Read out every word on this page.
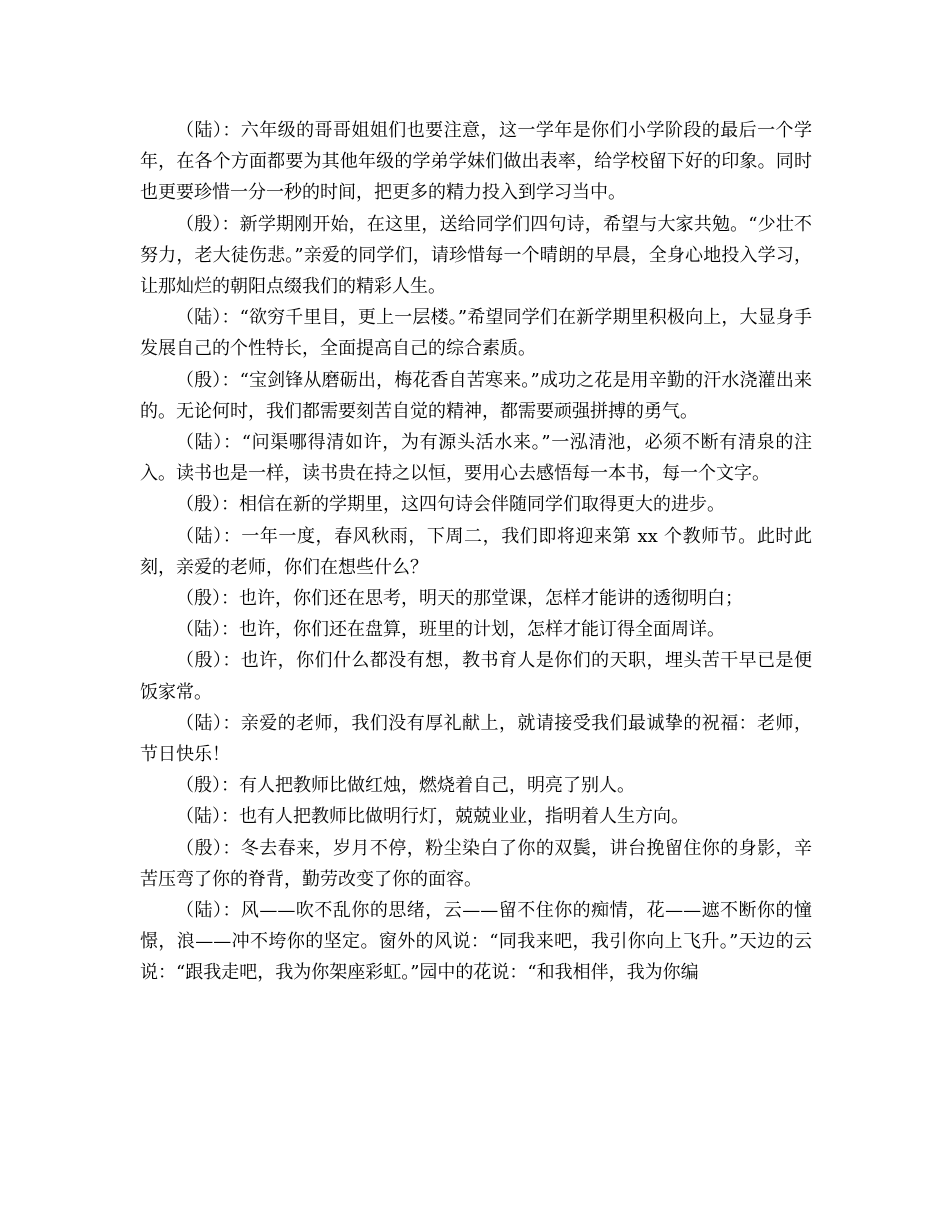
（陆）：六年级的哥哥姐姐们也要注意，这一学年是你们小学阶段的最后一个学年，在各个方面都要为其他年级的学弟学妹们做出表率，给学校留下好的印象。同时也更要珍惜一分一秒的时间，把更多的精力投入到学习当中。

（殷）：新学期刚开始，在这里，送给同学们四句诗，希望与大家共勉。“少壮不努力，老大徒伤悲。”亲爱的同学们，请珍惜每一个晴朗的早晨，全身心地投入学习，让那灿烂的朝阳点缀我们的精彩人生。

（陆）：“欲穷千里目，更上一层楼。”希望同学们在新学期里积极向上，大显身手发展自己的个性特长，全面提高自己的综合素质。

（殷）：“宝剑锋从磨砺出，梅花香自苦寒来。”成功之花是用辛勤的汗水浇灌出来的。无论何时，我们都需要刻苦自觉的精神，都需要顽强拼搏的勇气。

（陆）：“问渠哪得清如许，为有源头活水来。”一泓清池，必须不断有清泉的注入。读书也是一样，读书贵在持之以恒，要用心去感悟每一本书，每一个文字。

（殷）：相信在新的学期里，这四句诗会伴随同学们取得更大的进步。

（陆）：一年一度，春风秋雨，下周二，我们即将迎来第 xx 个教师节。此时此刻，亲爱的老师，你们在想些什么？

（殷）：也许，你们还在思考，明天的那堂课，怎样才能讲的透彻明白；

（陆）：也许，你们还在盘算，班里的计划，怎样才能订得全面周详。

（殷）：也许，你们什么都没有想，教书育人是你们的天职，埋头苦干早已是便饭家常。

（陆）：亲爱的老师，我们没有厚礼献上，就请接受我们最诚挚的祝福：老师，节日快乐！

（殷）：有人把教师比做红烛，燃烧着自己，明亮了别人。

（陆）：也有人把教师比做明行灯，兢兢业业，指明着人生方向。

（殷）：冬去春来，岁月不停，粉尘染白了你的双鬓，讲台挽留住你的身影，辛苦压弯了你的脊背，勤劳改变了你的面容。

（陆）：风——吹不乱你的思绪，云——留不住你的痴情，花——遮不断你的憧憬，浪——冲不垮你的坚定。窗外的风说：“同我来吧，我引你向上飞升。”天边的云说：“跟我走吧，我为你架座彩虹。”园中的花说：“和我相伴，我为你编
